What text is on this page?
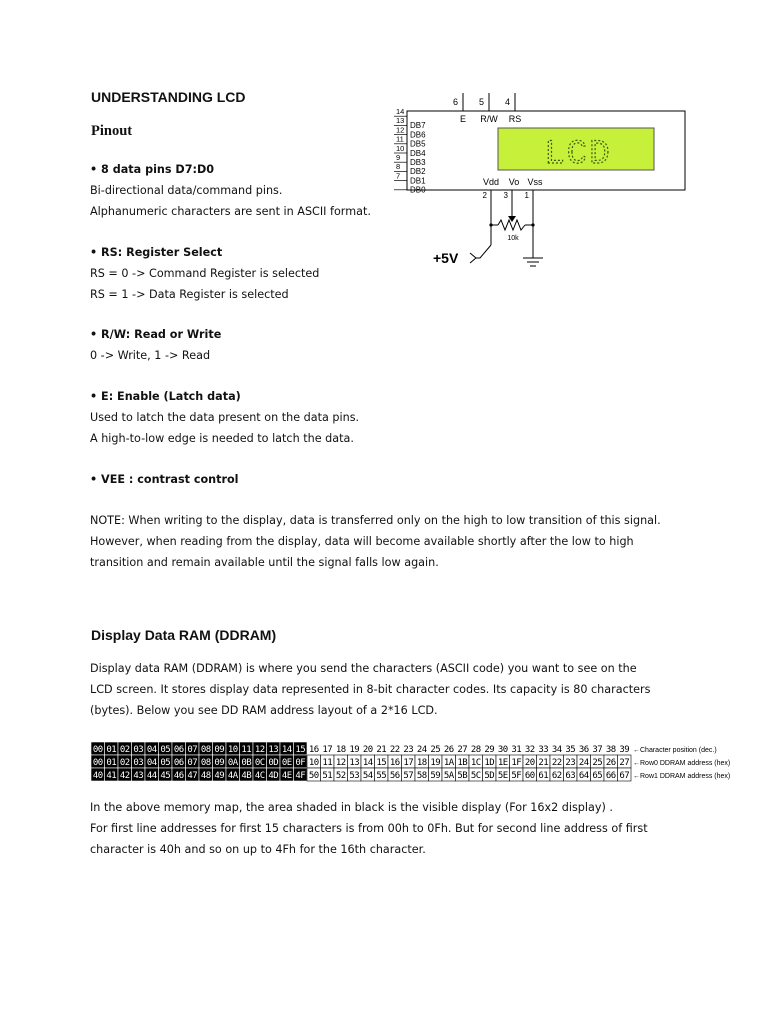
UNDERSTANDING LCD
Pinout
• 8 data pins D7:D0
Bi-directional data/command pins.
Alphanumeric characters are sent in ASCII format.
• RS: Register Select
RS = 0 -> Command Register is selected
RS = 1 -> Data Register is selected
• R/W: Read or Write
0 -> Write, 1 -> Read
• E: Enable (Latch data)
Used to latch the data present on the data pins.
A high-to-low edge is needed to latch the data.
• VEE : contrast control
NOTE: When writing to the display, data is transferred only on the high to low transition of this signal.
However, when reading from the display, data will become available shortly after the low to high
transition and remain available until the signal falls low again.
Display Data RAM (DDRAM)
Display data RAM (DDRAM) is where you send the characters (ASCII code) you want to see on the
LCD screen. It stores display data represented in 8-bit character codes. Its capacity is 80 characters
(bytes). Below you see DD RAM address layout of a 2*16 LCD.
In the above memory map, the area shaded in black is the visible display (For 16x2 display) .
For first line addresses for first 15 characters is from 00h to 0Fh. But for second line address of first
character is 40h and so on up to 4Fh for the 16th character.
14
13
DB7
12
DB6
11
DB5
10
DB4
9
DB3
8
DB2
7
DB1
DB0
LCD
6 5 4
E R/W RS
Vdd Vo Vss
2 3 1
10k
+5V
00 01 02 03 04 05 06 07 08 09 10 11 12 13 14 15 16 17 18 19 20 21 22 23 24 25 26 27 28 29 30 31 32 33 34 35 36 37 38 39 ←Character position (dec.)
00 01 02 03 04 05 06 07 08 09 0A 0B 0C 0D 0E 0F 10 11 12 13 14 15 16 17 18 19 1A 1B 1C 1D 1E 1F 20 21 22 23 24 25 26 27 ←Row0 DDRAM address (hex)
40 41 42 43 44 45 46 47 48 49 4A 4B 4C 4D 4E 4F 50 51 52 53 54 55 56 57 58 59 5A 5B 5C 5D 5E 5F 60 61 62 63 64 65 66 67 ←Row1 DDRAM address (hex)
